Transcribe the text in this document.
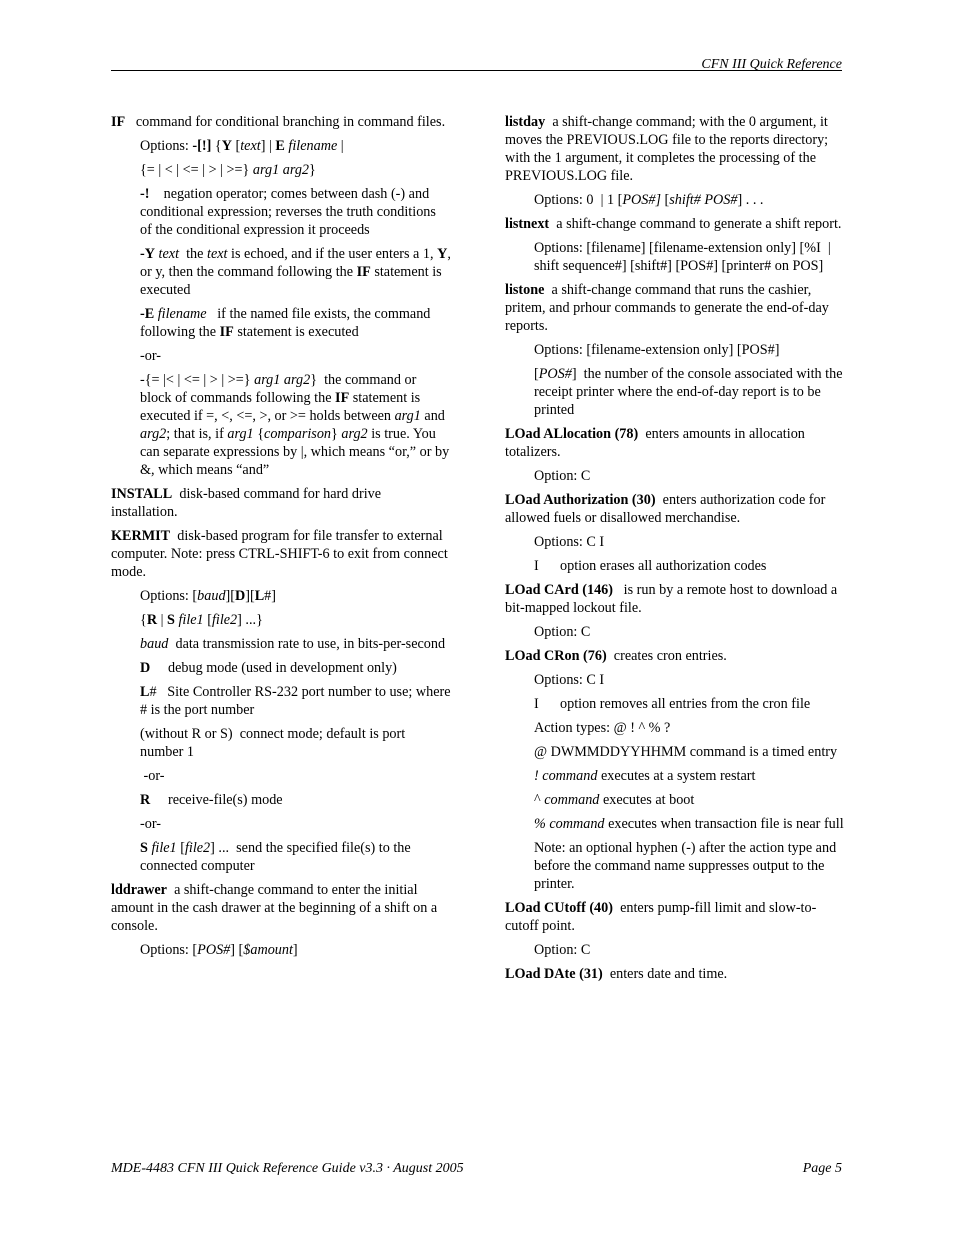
CFN III Quick Reference
IF   command for conditional branching in command files.
Options: -[!] {Y [text] | E filename |
{= | < | <= | > | >=} arg1 arg2}
-!    negation operator; comes between dash (-) and conditional expression; reverses the truth conditions of the conditional expression it proceeds
-Y text  the text is echoed, and if the user enters a 1, Y, or y, then the command following the IF statement is executed
-E filename   if the named file exists, the command following the IF statement is executed
-or-
-{= |< | <= | > | >=} arg1 arg2}  the command or block of commands following the IF statement is executed if =, <, <=, >, or >= holds between arg1 and arg2; that is, if arg1 {comparison} arg2 is true. You can separate expressions by |, which means “or,” or by &, which means “and”
INSTALL  disk-based command for hard drive installation.
KERMIT  disk-based program for file transfer to external computer. Note: press CTRL-SHIFT-6 to exit from connect mode.
Options: [baud][D][L#]
{R | S file1 [file2] ...}
baud  data transmission rate to use, in bits-per-second
D     debug mode (used in development only)
L#   Site Controller RS-232 port number to use; where # is the port number
(without R or S)  connect mode; default is port number 1
-or-
R     receive-file(s) mode
-or-
S file1 [file2] ...  send the specified file(s) to the connected computer
lddrawer  a shift-change command to enter the initial amount in the cash drawer at the beginning of a shift on a console.
Options: [POS#] [$amount]
listday  a shift-change command; with the 0 argument, it moves the PREVIOUS.LOG file to the reports directory; with the 1 argument, it completes the processing of the PREVIOUS.LOG file.
Options: 0  | 1 [POS#] [shift# POS#] . . .
listnext  a shift-change command to generate a shift report.
Options: [filename] [filename-extension only] [%I  | shift sequence#] [shift#] [POS#] [printer# on POS]
listone  a shift-change command that runs the cashier, pritem, and prhour commands to generate the end-of-day reports.
Options: [filename-extension only] [POS#]
[POS#]  the number of the console associated with the receipt printer where the end-of-day report is to be printed
LOad ALlocation (78)  enters amounts in allocation totalizers.
Option: C
LOad Authorization (30)  enters authorization code for allowed fuels or disallowed merchandise.
Options: C I
I      option erases all authorization codes
LOad CArd (146)   is run by a remote host to download a bit-mapped lockout file.
Option: C
LOad CRon (76)  creates cron entries.
Options: C I
I      option removes all entries from the cron file
Action types: @ ! ^ % ?
@ DWMMDDYYHHMM command is a timed entry
! command executes at a system restart
^ command executes at boot
% command executes when transaction file is near full
Note: an optional hyphen (-) after the action type and before the command name suppresses output to the printer.
LOad CUtoff (40)  enters pump-fill limit and slow-to-cutoff point.
Option: C
LOad DAte (31)  enters date and time.
MDE-4483 CFN III Quick Reference Guide v3.3 · August 2005	Page 5
